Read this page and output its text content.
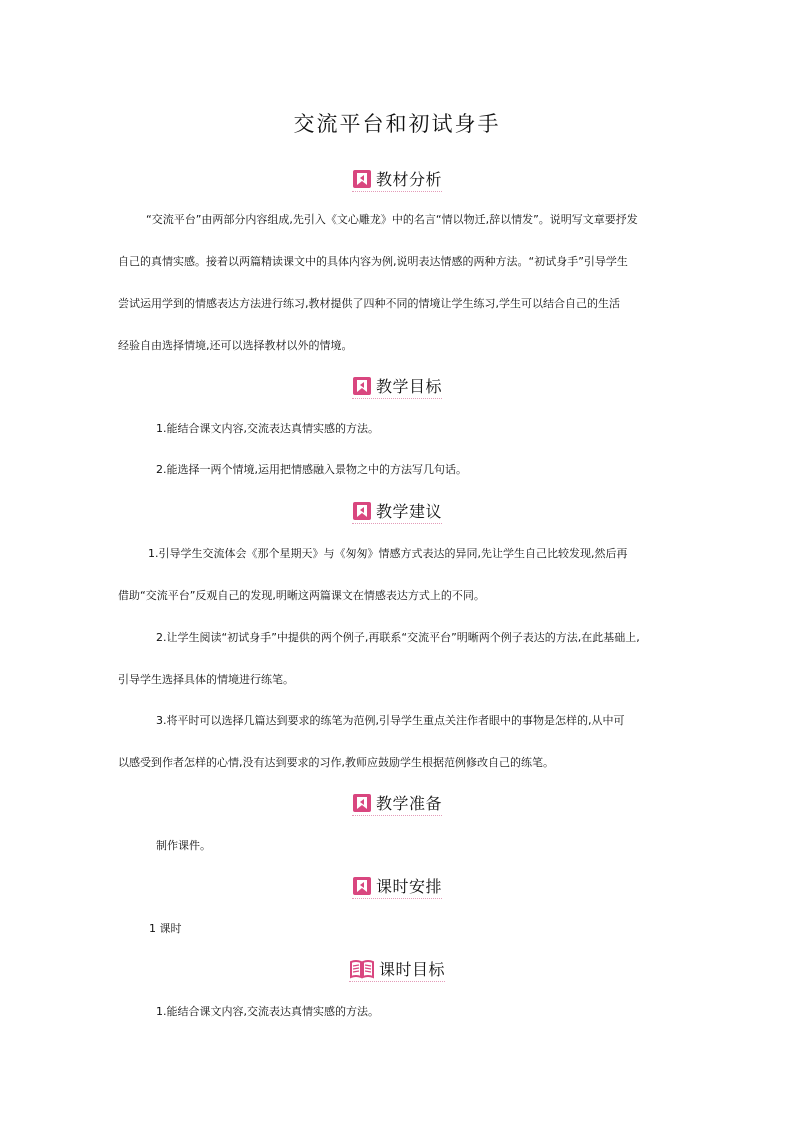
交流平台和初试身手
教材分析
“交流平台”由两部分内容组成,先引入《文心雕龙》中的名言“情以物迁,辞以情发”。说明写文章要抒发
自己的真情实感。接着以两篇精读课文中的具体内容为例,说明表达情感的两种方法。“初试身手”引导学生
尝试运用学到的情感表达方法进行练习,教材提供了四种不同的情境让学生练习,学生可以结合自己的生活
经验自由选择情境,还可以选择教材以外的情境。
教学目标
1.能结合课文内容,交流表达真情实感的方法。
2.能选择一两个情境,运用把情感融入景物之中的方法写几句话。
教学建议
1.引导学生交流体会《那个星期天》与《匆匆》情感方式表达的异同,先让学生自己比较发现,然后再
借助“交流平台”反观自己的发现,明晰这两篇课文在情感表达方式上的不同。
2.让学生阅读“初试身手”中提供的两个例子,再联系“交流平台”明晰两个例子表达的方法,在此基础上,
引导学生选择具体的情境进行练笔。
3.将平时可以选择几篇达到要求的练笔为范例,引导学生重点关注作者眼中的事物是怎样的,从中可
以感受到作者怎样的心情,没有达到要求的习作,教师应鼓励学生根据范例修改自己的练笔。
教学准备
制作课件。
课时安排
1 课时
课时目标
1.能结合课文内容,交流表达真情实感的方法。
